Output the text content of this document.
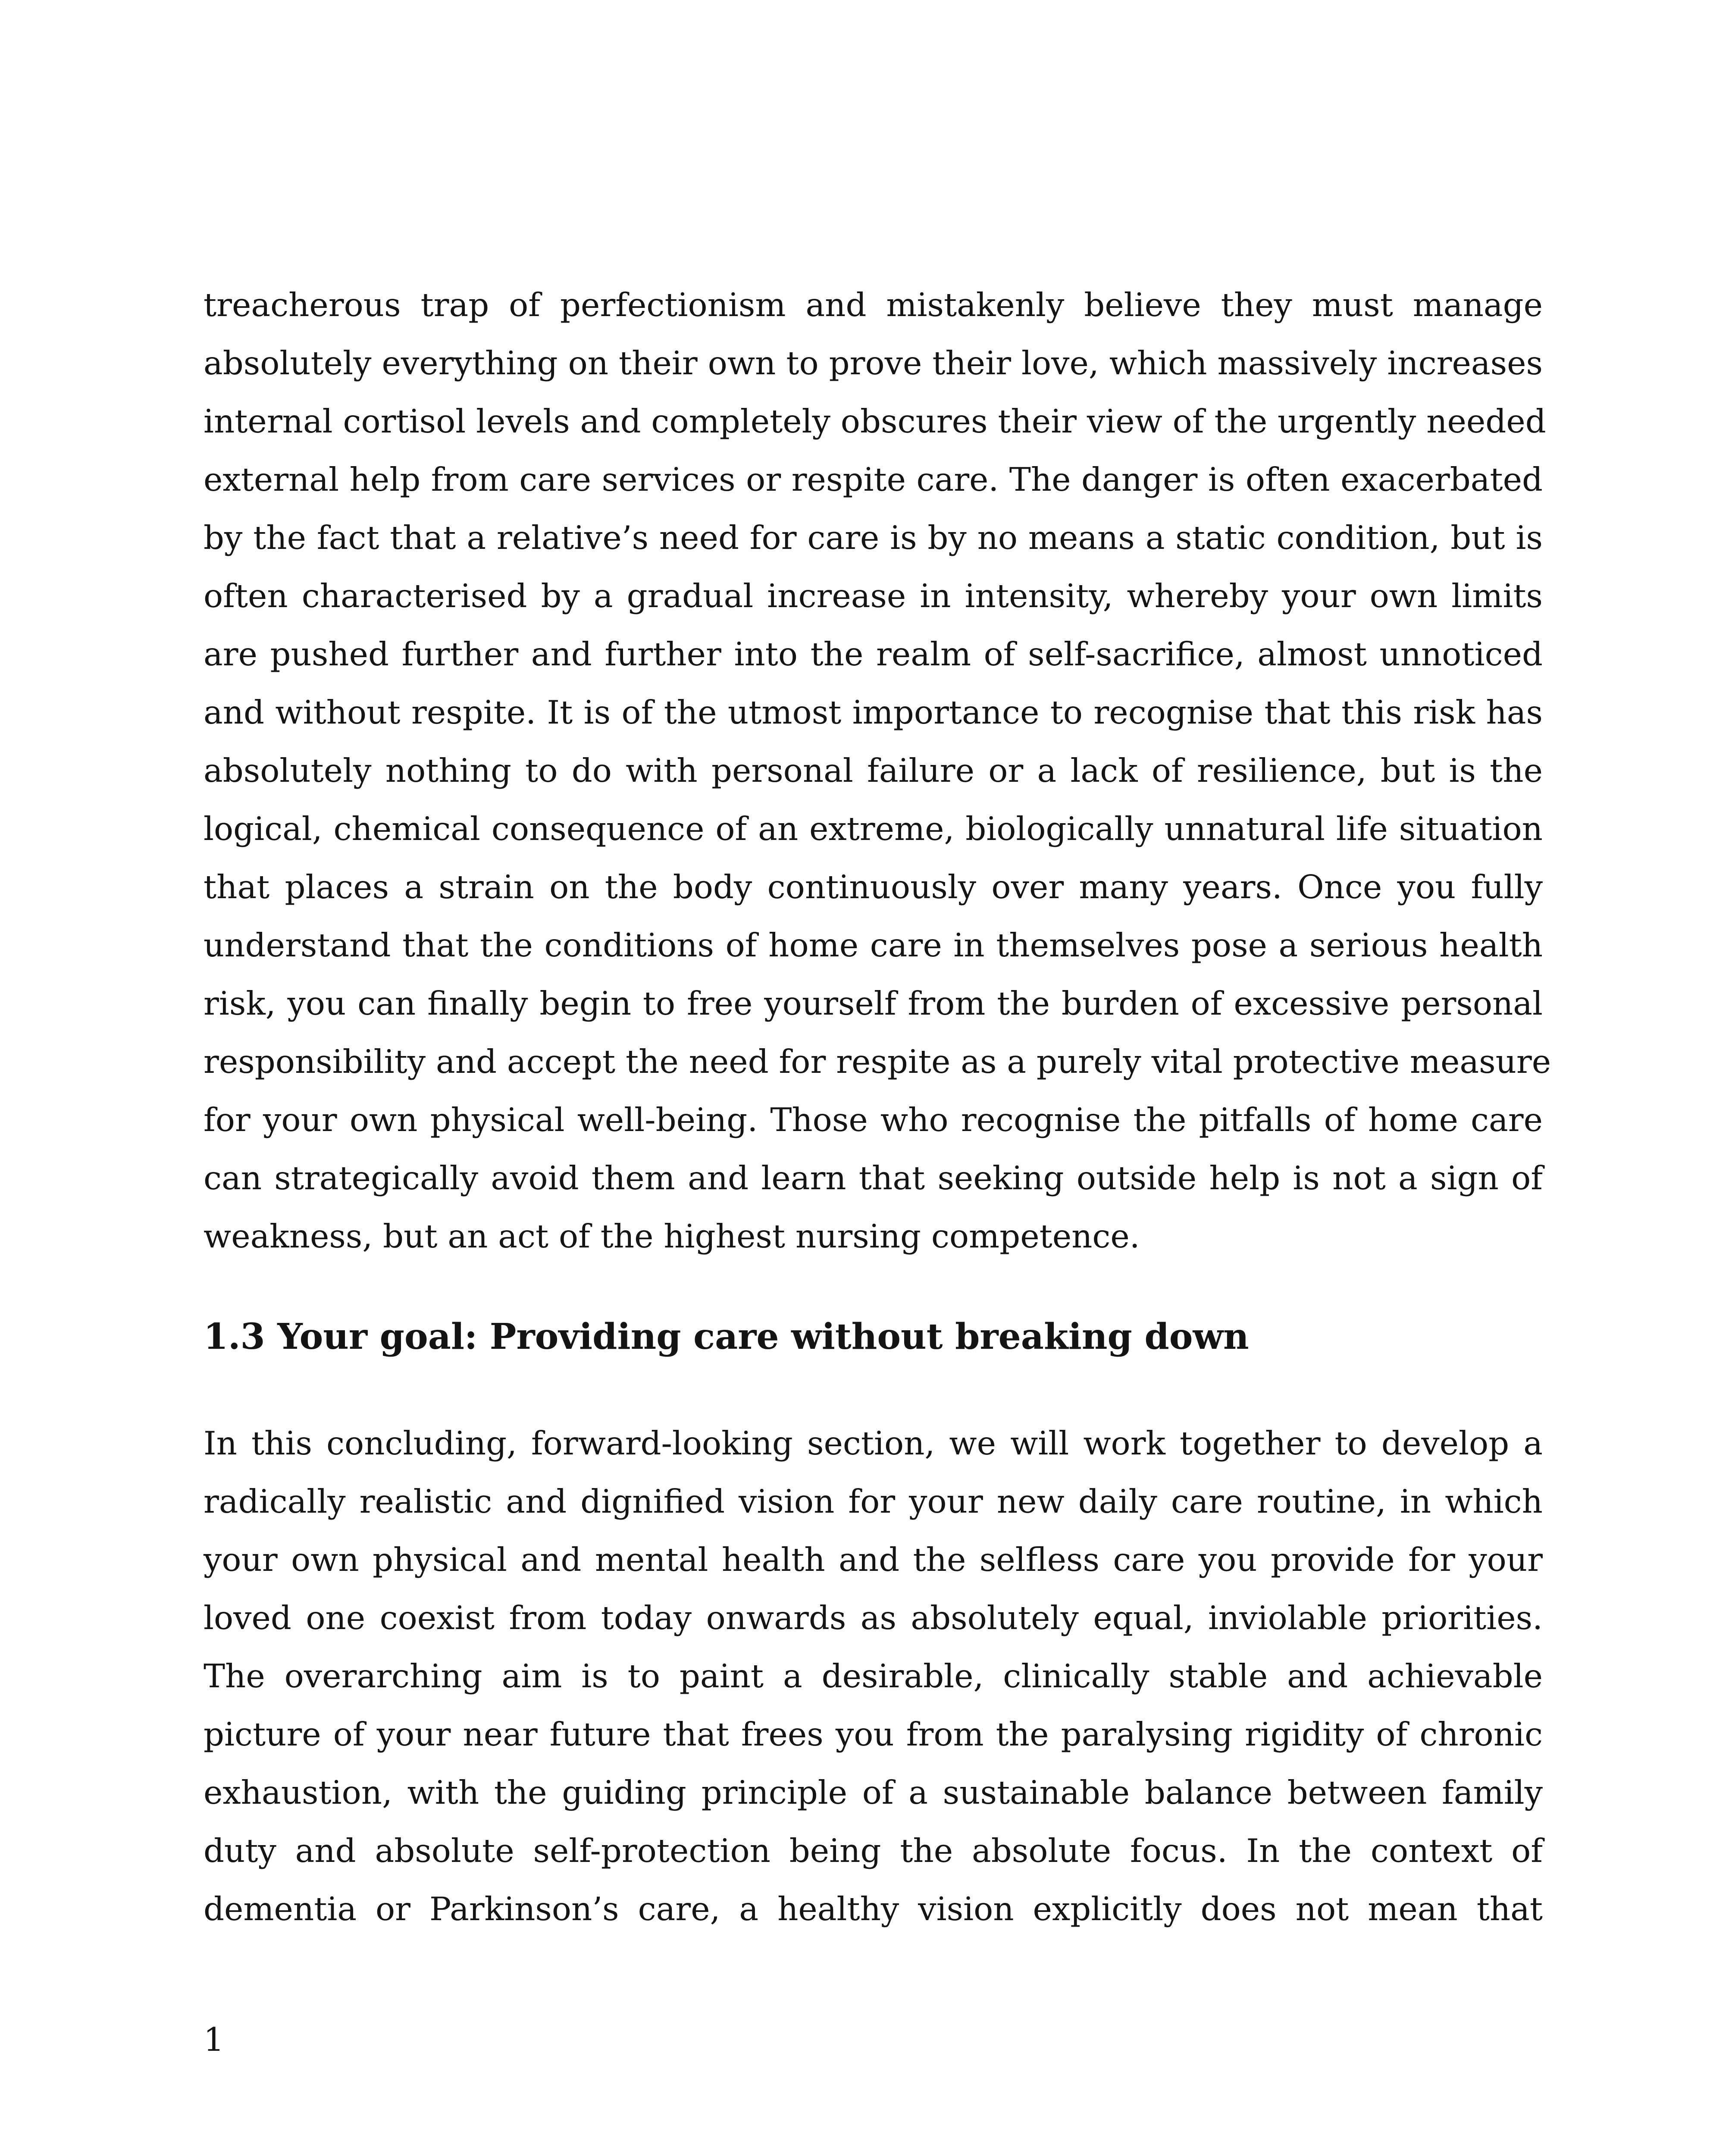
treacherous trap of perfectionism and mistakenly believe they must manage
absolutely everything on their own to prove their love, which massively increases
internal cortisol levels and completely obscures their view of the urgently needed
external help from care services or respite care. The danger is often exacerbated
by the fact that a relative’s need for care is by no means a static condition, but is
often characterised by a gradual increase in intensity, whereby your own limits
are pushed further and further into the realm of self-sacrifice, almost unnoticed
and without respite. It is of the utmost importance to recognise that this risk has
absolutely nothing to do with personal failure or a lack of resilience, but is the
logical, chemical consequence of an extreme, biologically unnatural life situation
that places a strain on the body continuously over many years. Once you fully
understand that the conditions of home care in themselves pose a serious health
risk, you can finally begin to free yourself from the burden of excessive personal
responsibility and accept the need for respite as a purely vital protective measure
for your own physical well-being. Those who recognise the pitfalls of home care
can strategically avoid them and learn that seeking outside help is not a sign of
weakness, but an act of the highest nursing competence.
1.3 Your goal: Providing care without breaking down
In this concluding, forward-looking section, we will work together to develop a
radically realistic and dignified vision for your new daily care routine, in which
your own physical and mental health and the selfless care you provide for your
loved one coexist from today onwards as absolutely equal, inviolable priorities.
The overarching aim is to paint a desirable, clinically stable and achievable
picture of your near future that frees you from the paralysing rigidity of chronic
exhaustion, with the guiding principle of a sustainable balance between family
duty and absolute self-protection being the absolute focus. In the context of
dementia or Parkinson’s care, a healthy vision explicitly does not mean that
1
